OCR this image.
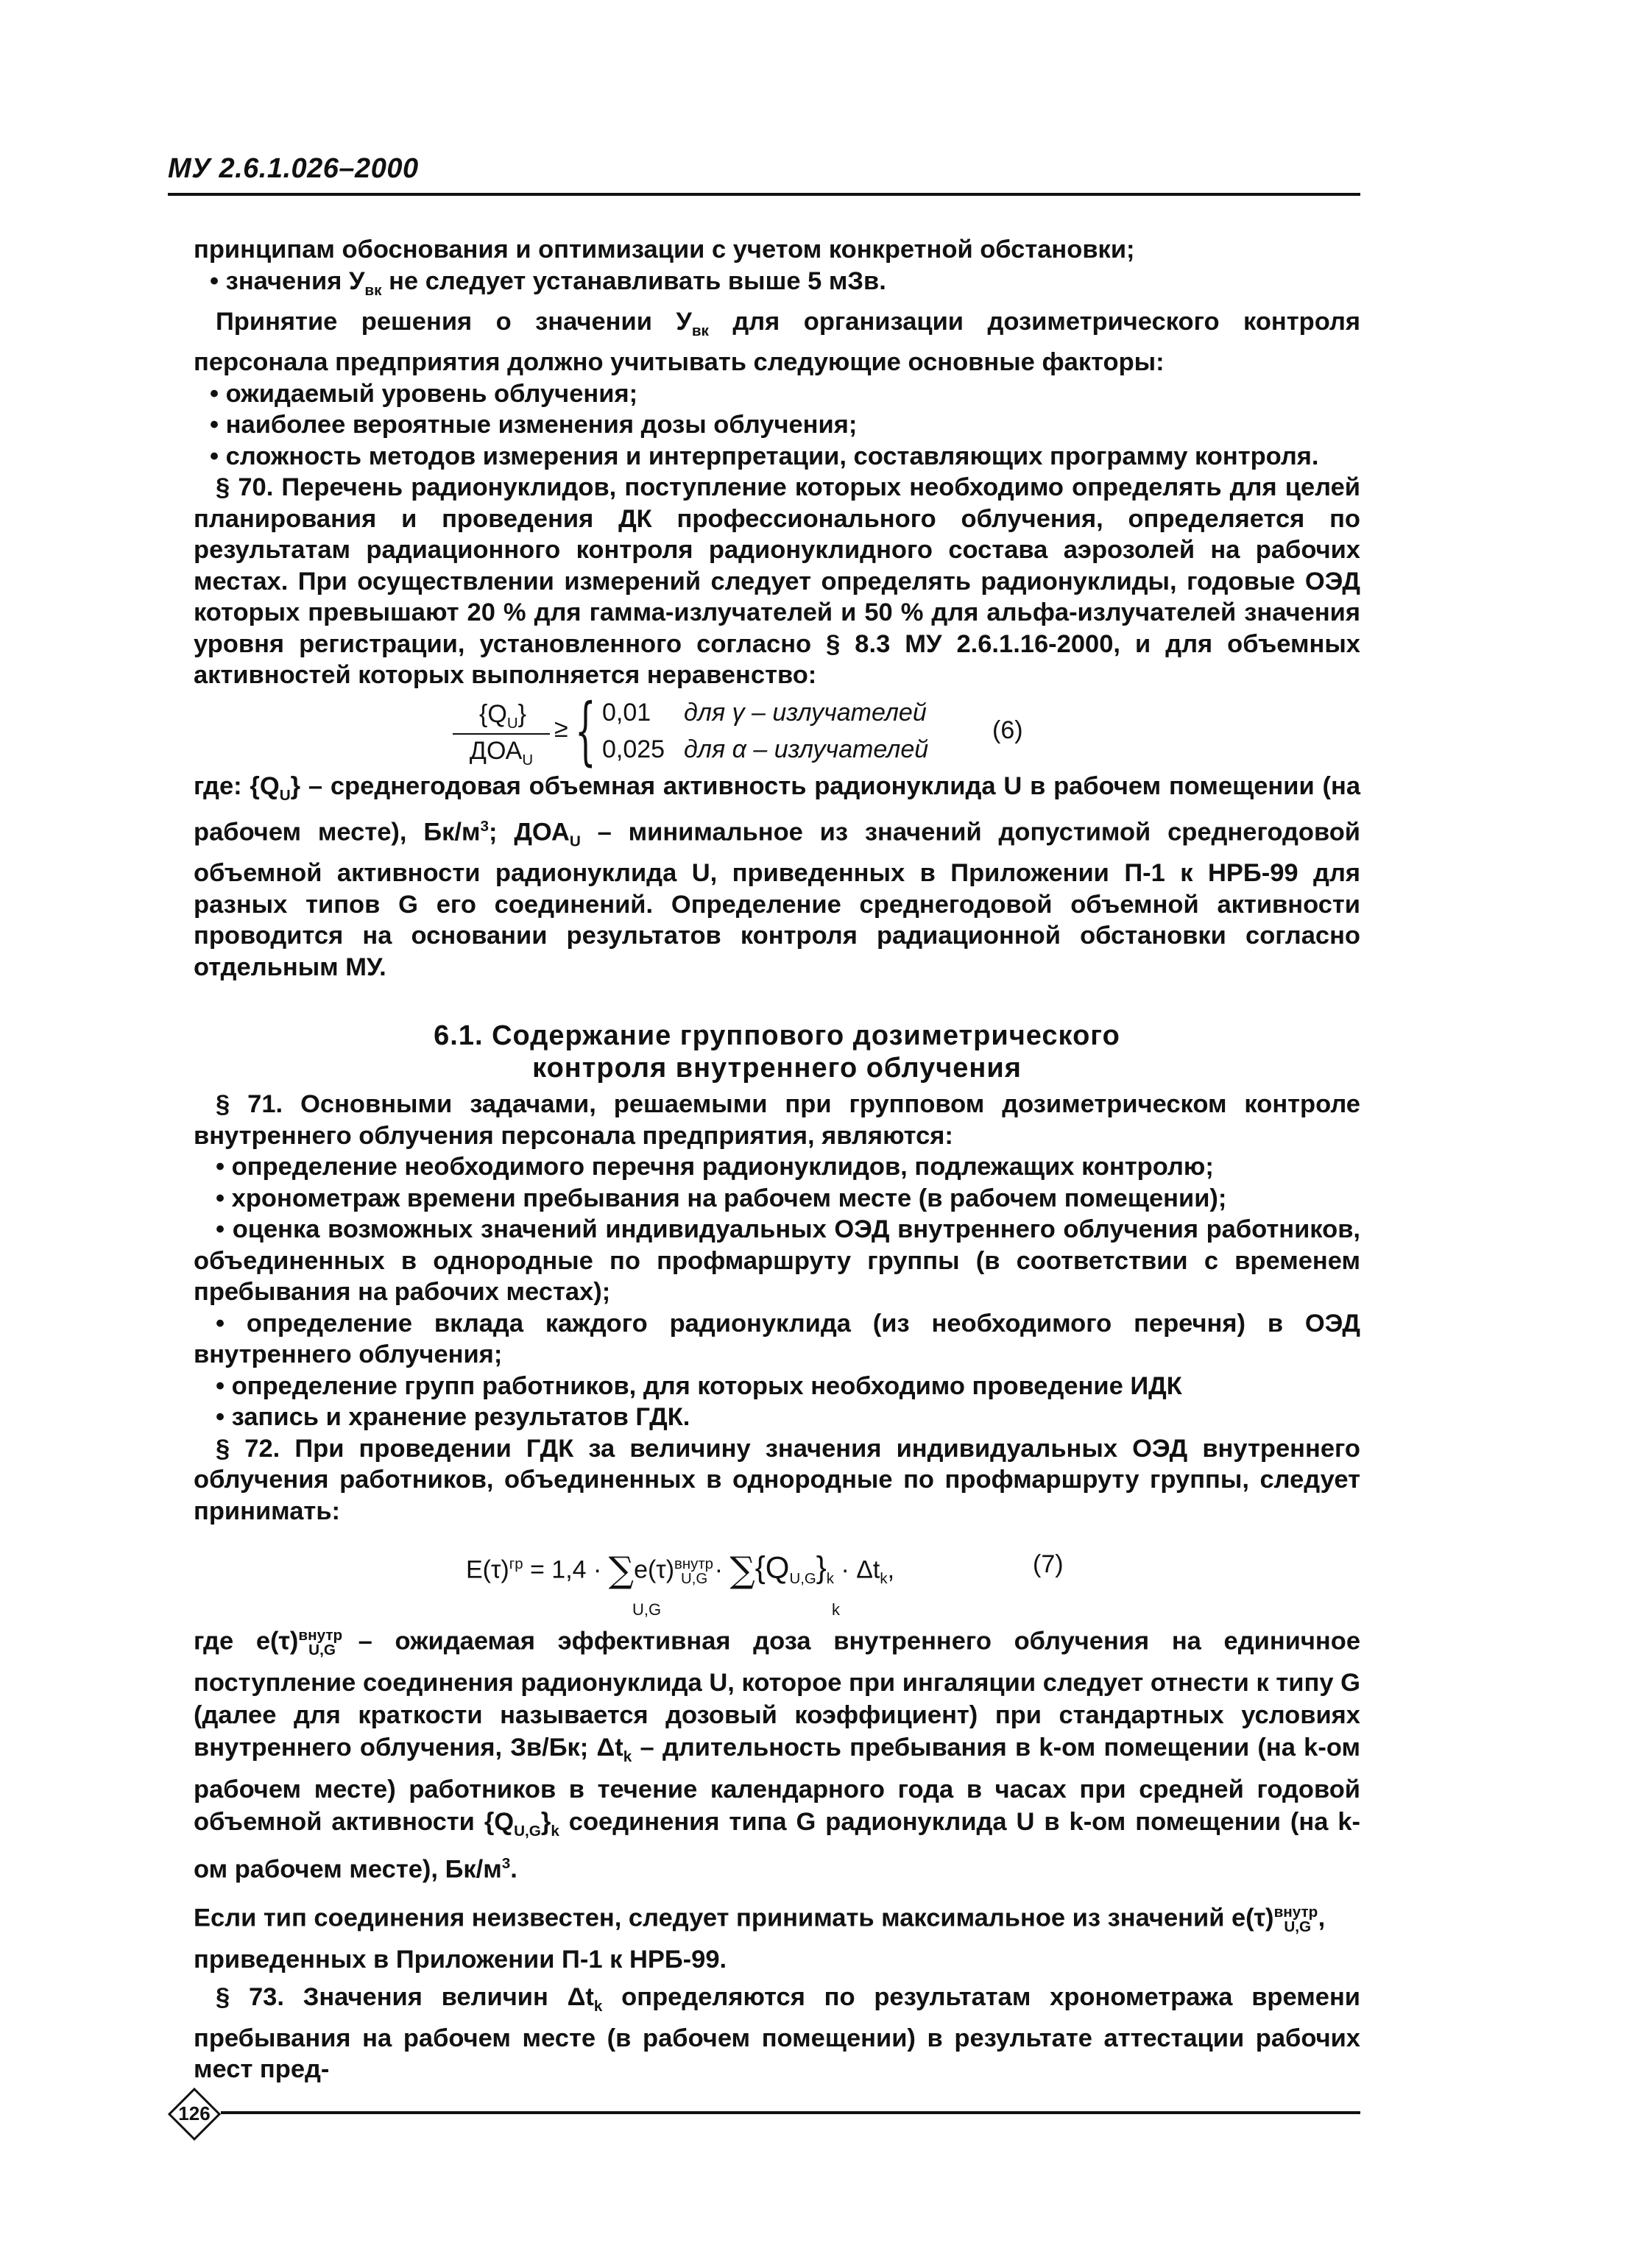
МУ 2.6.1.026–2000

принципам обоснования и оптимизации с учетом конкретной обстановки;

• значения $У_{вк}$ не следует устанавливать выше 5 мЗв.

Принятие решения о значении $У_{вк}$ для организации дозиметрического контроля персонала предприятия должно учитывать следующие основные факторы:

• ожидаемый уровень облучения;

• наиболее вероятные изменения дозы облучения;

• сложность методов измерения и интерпретации, составляющих программу контроля.

§ 70. Перечень радионуклидов, поступление которых необходимо определять для целей планирования и проведения ДК профессионального облучения, определяется по результатам радиационного контроля радионуклидного состава аэрозолей на рабочих местах. При осуществлении измерений следует определять радионуклиды, годовые ОЭД которых превышают 20 % для гамма-излучателей и 50 % для альфа-излучателей значения уровня регистрации, установленного согласно § 8.3 МУ 2.6.1.16-2000, и для объемных активностей которых выполняется неравенство:

$\{Q_U\}$
$ДОА_U$
≥ { 0,01 для γ – излучателей
0,025 для α – излучателей
(6)

где: $\{Q_U\}$ – среднегодовая объемная активность радионуклида U в рабочем помещении (на рабочем месте), $Бк/м^3$; $ДОА_U$ – минимальное из значений допустимой среднегодовой объемной активности радионуклида U, приведенных в Приложении П-1 к НРБ-99 для разных типов G его соединений. Определение среднегодовой объемной активности проводится на основании результатов контроля радиационной обстановки согласно отдельным МУ.

6.1. Содержание группового дозиметрического
контроля внутреннего облучения

§ 71. Основными задачами, решаемыми при групповом дозиметрическом контроле внутреннего облучения персонала предприятия, являются:

• определение необходимого перечня радионуклидов, подлежащих контролю;

• хронометраж времени пребывания на рабочем месте (в рабочем помещении);

• оценка возможных значений индивидуальных ОЭД внутреннего облучения работников, объединенных в однородные по профмаршруту группы (в соответствии с временем пребывания на рабочих местах);

• определение вклада каждого радионуклида (из необходимого перечня) в ОЭД внутреннего облучения;

• определение групп работников, для которых необходимо проведение ИДК

• запись и хранение результатов ГДК.

§ 72. При проведении ГДК за величину значения индивидуальных ОЭД внутреннего облучения работников, объединенных в однородные по профмаршруту группы, следует принимать:

$E(\tau)^{гр} = 1,4 \cdot \sum e(\tau)^{внутр}_{U,G} \cdot \sum\{Q_{U,G}\}_k \cdot \Delta t_k$,
U,G	k
(7)

где $e(\tau)^{внутр}_{U,G}$ – ожидаемая эффективная доза внутреннего облучения на единичное поступление соединения радионуклида U, которое при ингаляции следует отнести к типу G (далее для краткости называется дозовый коэффициент) при стандартных условиях внутреннего облучения, Зв/Бк; $\Delta t_k$ – длительность пребывания в k-ом помещении (на k-ом рабочем месте) работников в течение календарного года в часах при средней годовой объемной активности $\{Q_{U,G}\}_k$ соединения типа G радионуклида U в k-ом помещении (на k-ом рабочем месте), $Бк/м^3$.

Если тип соединения неизвестен, следует принимать максимальное из значений $e(\tau)^{внутр}_{U,G}$ ,
приведенных в Приложении П-1 к НРБ-99.

§ 73. Значения величин $\Delta t_k$ определяются по результатам хронометража времени пребывания на рабочем месте (в рабочем помещении) в результате аттестации рабочих мест пред-

126
